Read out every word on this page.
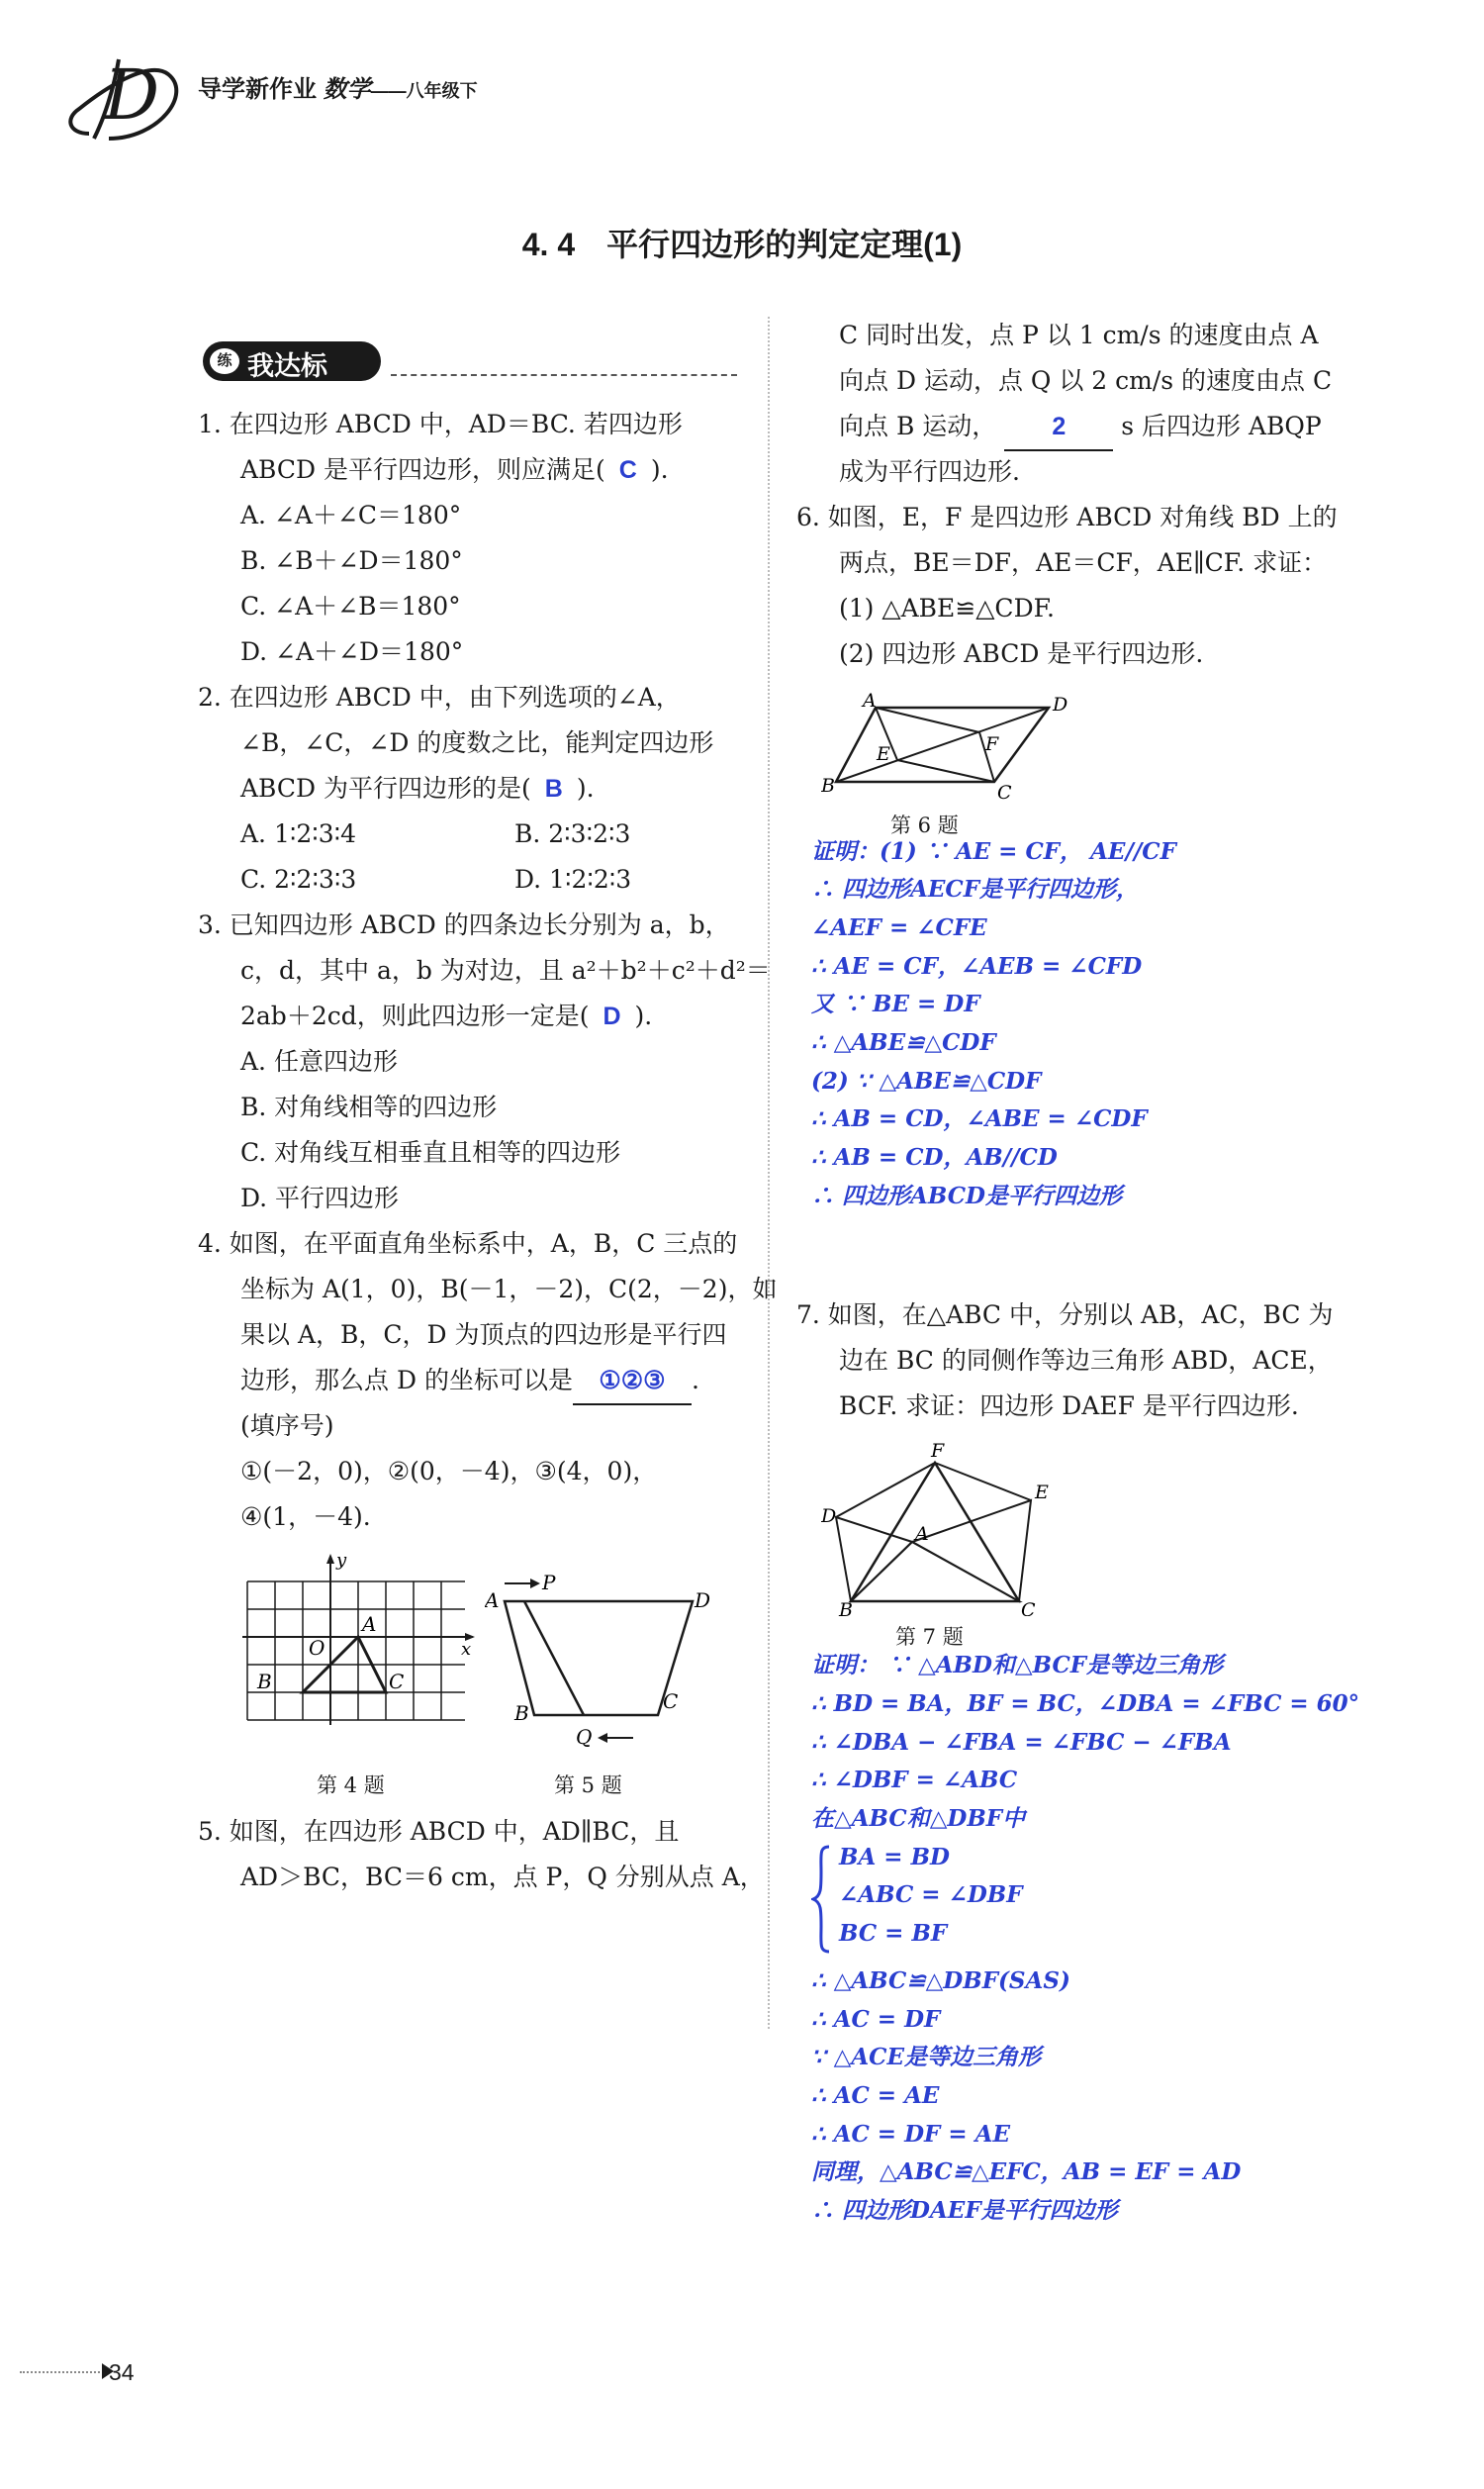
D 导学新作业 数学——八年级下
4. 4　平行四边形的判定定理(1)
练 我达标
1. 在四边形 ABCD 中，AD＝BC. 若四边形
ABCD 是平行四边形，则应满足( C ).
A. ∠A＋∠C＝180°
B. ∠B＋∠D＝180°
C. ∠A＋∠B＝180°
D. ∠A＋∠D＝180°
2. 在四边形 ABCD 中，由下列选项的∠A，
∠B，∠C，∠D 的度数之比，能判定四边形
ABCD 为平行四边形的是( B ).
A. 1∶2∶3∶4	B. 2∶3∶2∶3
C. 2∶2∶3∶3	D. 1∶2∶2∶3
3. 已知四边形 ABCD 的四条边长分别为 a，b，
c，d，其中 a，b 为对边，且 a²＋b²＋c²＋d²＝
2ab＋2cd，则此四边形一定是( D ).
A. 任意四边形
B. 对角线相等的四边形
C. 对角线互相垂直且相等的四边形
D. 平行四边形
4. 如图，在平面直角坐标系中，A，B，C 三点的
坐标为 A(1，0)，B(－1，－2)，C(2，－2)，如
果以 A，B，C，D 为顶点的四边形是平行四
边形，那么点 D 的坐标可以是 ①②③ .
(填序号)
①(－2，0)，②(0，－4)，③(4，0)，
④(1，－4).
y
x
O
A
B	C
第 4 题
A
P
D
B
Q
C
第 5 题
5. 如图，在四边形 ABCD 中，AD∥BC，且
AD＞BC，BC＝6 cm，点 P，Q 分别从点 A，
C 同时出发，点 P 以 1 cm/s 的速度由点 A
向点 D 运动，点 Q 以 2 cm/s 的速度由点 C
向点 B 运动， 2 s 后四边形 ABQP
成为平行四边形.
6. 如图，E，F 是四边形 ABCD 对角线 BD 上的
两点，BE＝DF，AE＝CF，AE∥CF. 求证：
(1) △ABE≌△CDF.
(2) 四边形 ABCD 是平行四边形.
A	D
E	F
B	C
第 6 题
证明：(1) ∵ AE = CF， AE//CF
∴ 四边形AECF是平行四边形，
∠AEF = ∠CFE
∴ AE = CF，∠AEB = ∠CFD
又 ∵ BE = DF
∴ △ABE≌△CDF
(2) ∵ △ABE≌△CDF
∴ AB = CD，∠ABE = ∠CDF
∴ AB = CD，AB//CD
∴ 四边形ABCD是平行四边形
7. 如图，在△ABC 中，分别以 AB，AC，BC 为
边在 BC 的同侧作等边三角形 ABD，ACE，
BCF. 求证：四边形 DAEF 是平行四边形.
F
E
D
A
B	C
第 7 题
证明： ∵ △ABD和△BCF是等边三角形
∴ BD = BA，BF = BC，∠DBA = ∠FBC = 60°
∴ ∠DBA − ∠FBA = ∠FBC − ∠FBA
∴ ∠DBF = ∠ABC
在△ABC和△DBF中
BA = BD
∠ABC = ∠DBF
BC = BF
∴ △ABC≌△DBF(SAS)
∴ AC = DF
∵ △ACE是等边三角形
∴ AC = AE
∴ AC = DF = AE
同理，△ABC≌△EFC，AB = EF = AD
∴ 四边形DAEF是平行四边形
34
